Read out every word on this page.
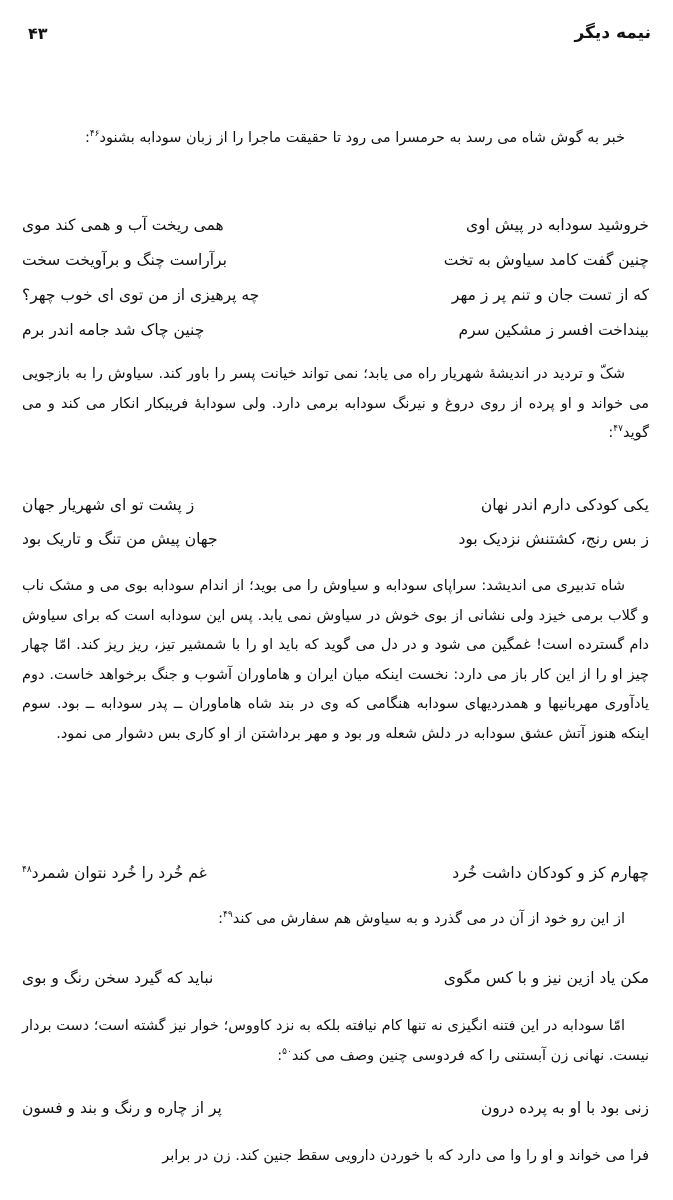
۴۳	نیمه دیگر
خبر به گوش شاه می رسد به حرمسرا می رود تا حقیقت ماجرا را از زبان سودابه بشنود$^{۴۶}$:
خروشید سودابه در پیش اوی
همی ریخت آب و همی کند موی
چنین گفت کامد سیاوش به تخت
برآراست چنگ و برآویخت سخت
که از تست جان و تنم پر ز مهر
چه پرهیزی از من توی ای خوب چهر؟
بینداخت افسر ز مشکین سرم
چنین چاک شد جامه اندر برم
شکّ و تردید در اندیشهٔ شهریار راه می یابد؛ نمی تواند خیانت پسر را باور کند. سیاوش را به بازجویی می خواند و او پرده از روی دروغ و نیرنگ سودابه برمی دارد. ولی سودابهٔ فریبکار انکار می کند و می گوید$^{۴۷}$:
یکی کودکی دارم اندر نهان
ز پشت تو ای شهریار جهان
ز بس رنج، کشتنش نزدیک بود
جهان پیش من تنگ و تاریک بود
شاه تدبیری می اندیشد: سراپای سودابه و سیاوش را می بوید؛ از اندام سودابه بوی می و مشک ناب و گلاب برمی خیزد ولی نشانی از بوی خوش در سیاوش نمی یابد. پس این سودابه است که برای سیاوش دام گسترده است! غمگین می شود و در دل می گوید که باید او را با شمشیر تیز، ریز ریز کند. امّا چهار چیز او را از این کار باز می دارد: نخست اینکه میان ایران و هاماوران آشوب و جنگ برخواهد خاست. دوم یادآوری مهربانیها و همدردیهای سودابه هنگامی که وی در بند شاه هاماوران ــ پدر سودابه ــ بود. سوم اینکه هنوز آتش عشق سودابه در دلش شعله ور بود و مهر برداشتن از او کاری بس دشوار می نمود.
چهارم کز و کودکان داشت خُرد
غم خُرد را خُرد نتوان شمرد$^{۴۸}$
از این رو خود از آن در می گذرد و به سیاوش هم سفارش می کند$^{۴۹}$:
مکن یاد ازین نیز و با کس مگوی
نباید که گیرد سخن رنگ و بوی
امّا سودابه در این فتنه انگیزی نه تنها کام نیافته بلکه به نزد کاووس؛ خوار نیز گشته است؛ دست بردار نیست. نهانی زن آبستنی را که فردوسی چنین وصف می کند$^{۵۰}$:
زنی بود با او به پرده درون
پر از چاره و رنگ و بند و فسون
فرا می خواند و او را وا می دارد که با خوردن دارویی سقط جنین کند. زن در برابر
